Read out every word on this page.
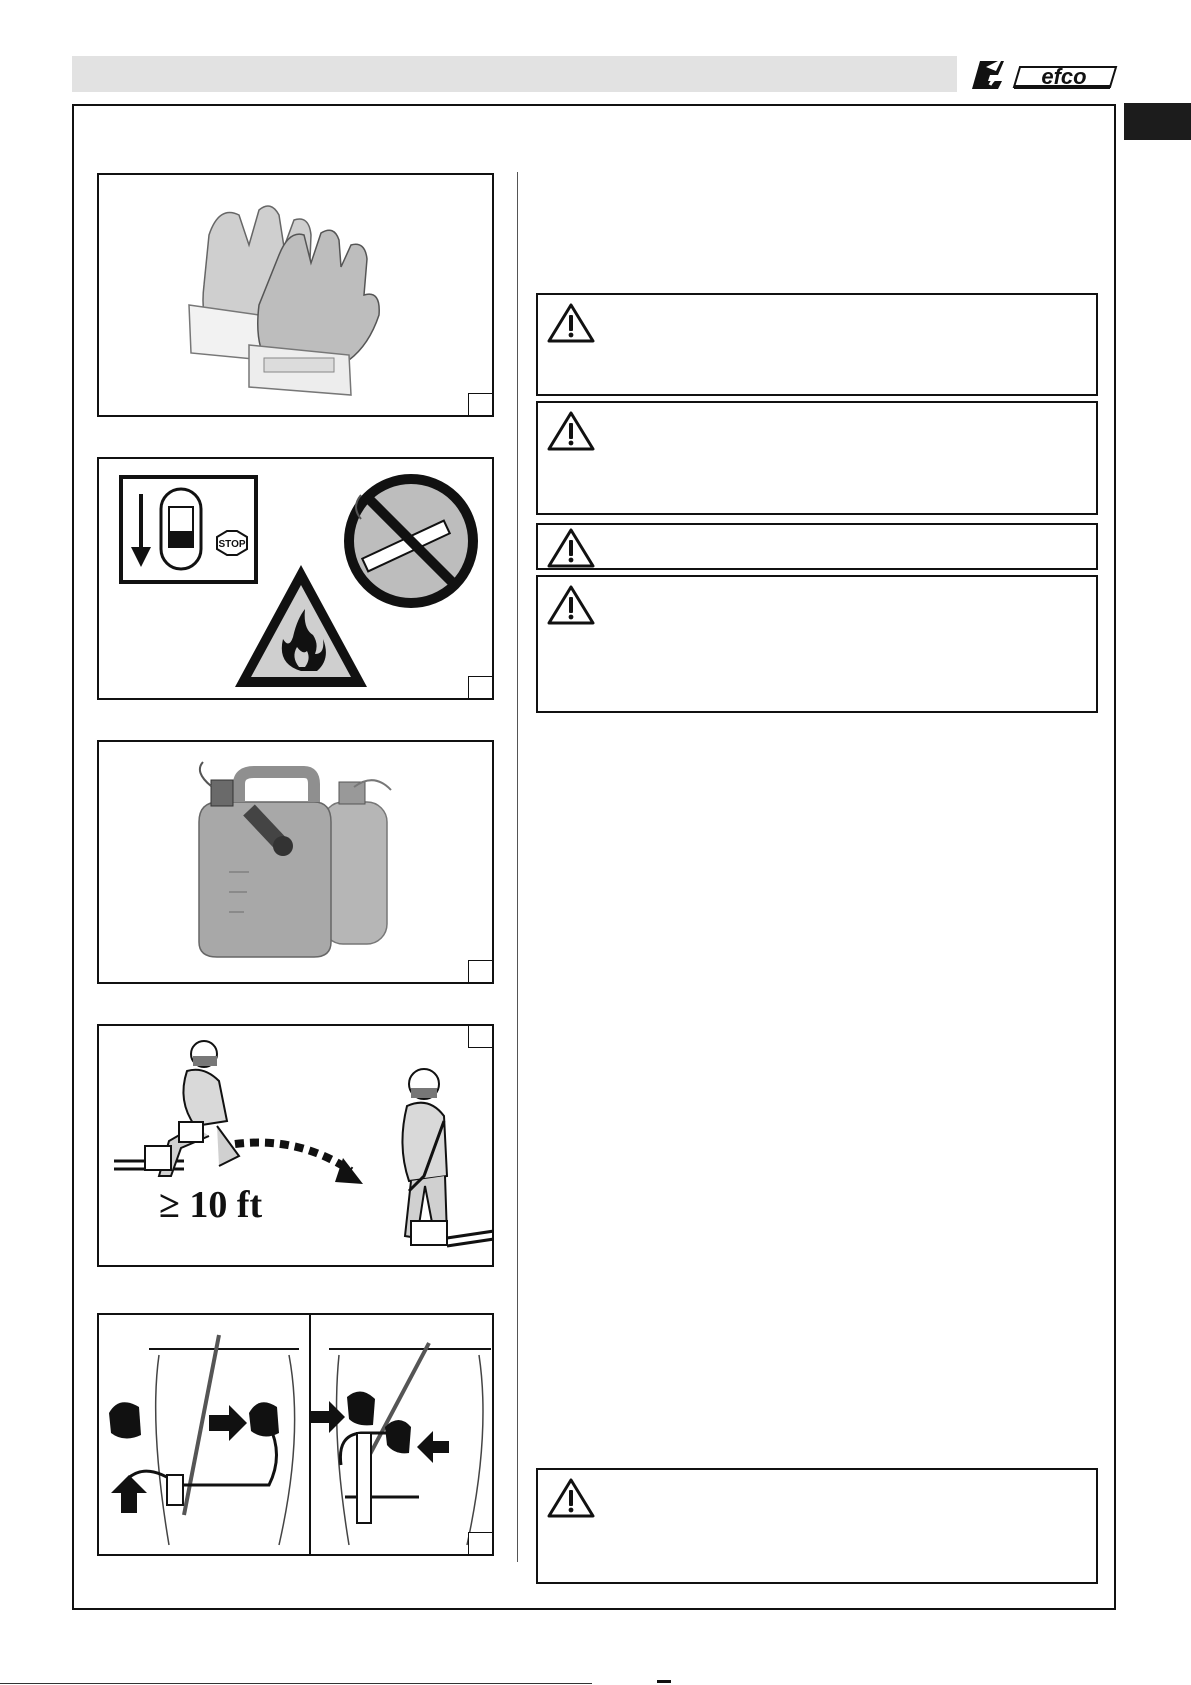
efco
STOP
≥ 10 ft
